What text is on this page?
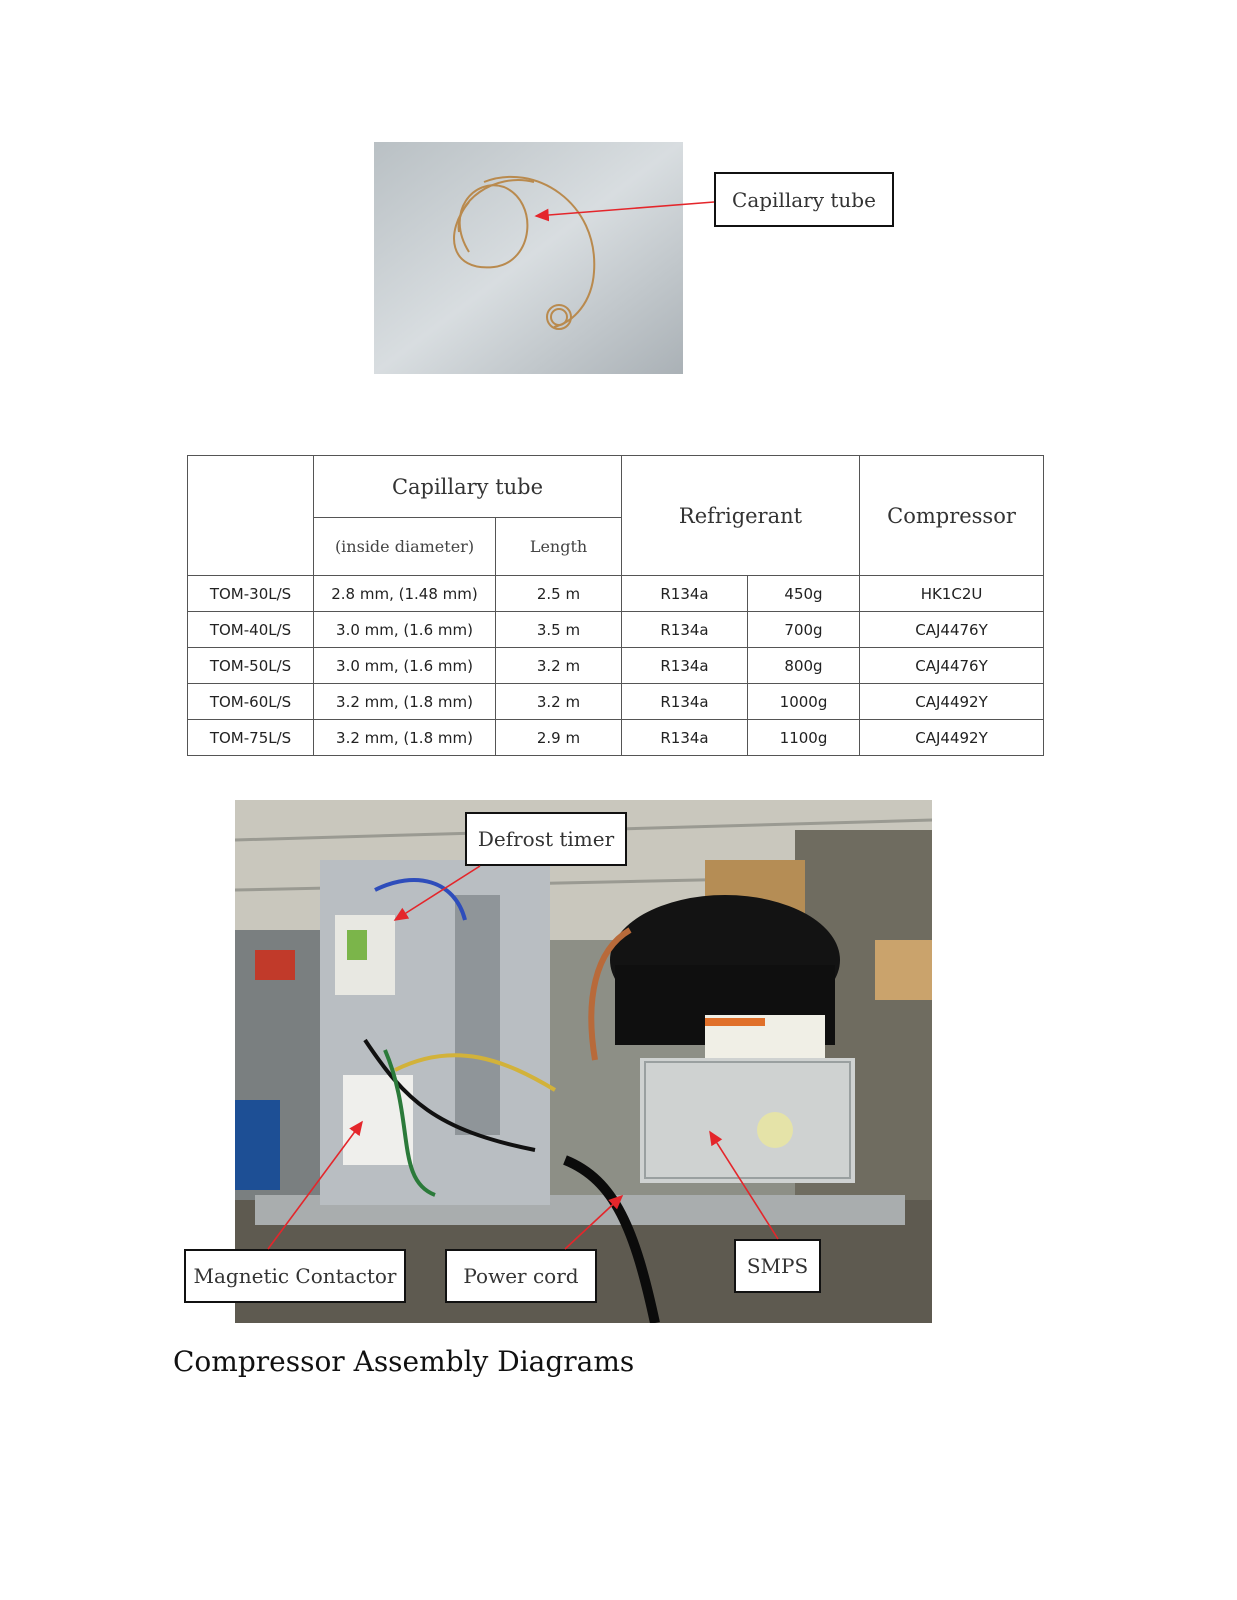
Capillary tube
	Capillary tube		Refrigerant		Compressor
	(inside diameter)	Length			
TOM-30L/S	2.8 mm, (1.48 mm)	2.5 m	R134a	450g	HK1C2U
TOM-40L/S	3.0 mm, (1.6 mm)	3.5 m	R134a	700g	CAJ4476Y
TOM-50L/S	3.0 mm, (1.6 mm)	3.2 m	R134a	800g	CAJ4476Y
TOM-60L/S	3.2 mm, (1.8 mm)	3.2 m	R134a	1000g	CAJ4492Y
TOM-75L/S	3.2 mm, (1.8 mm)	2.9 m	R134a	1100g	CAJ4492Y
Defrost timer
Magnetic Contactor	Power cord	SMPS
Compressor Assembly Diagrams
